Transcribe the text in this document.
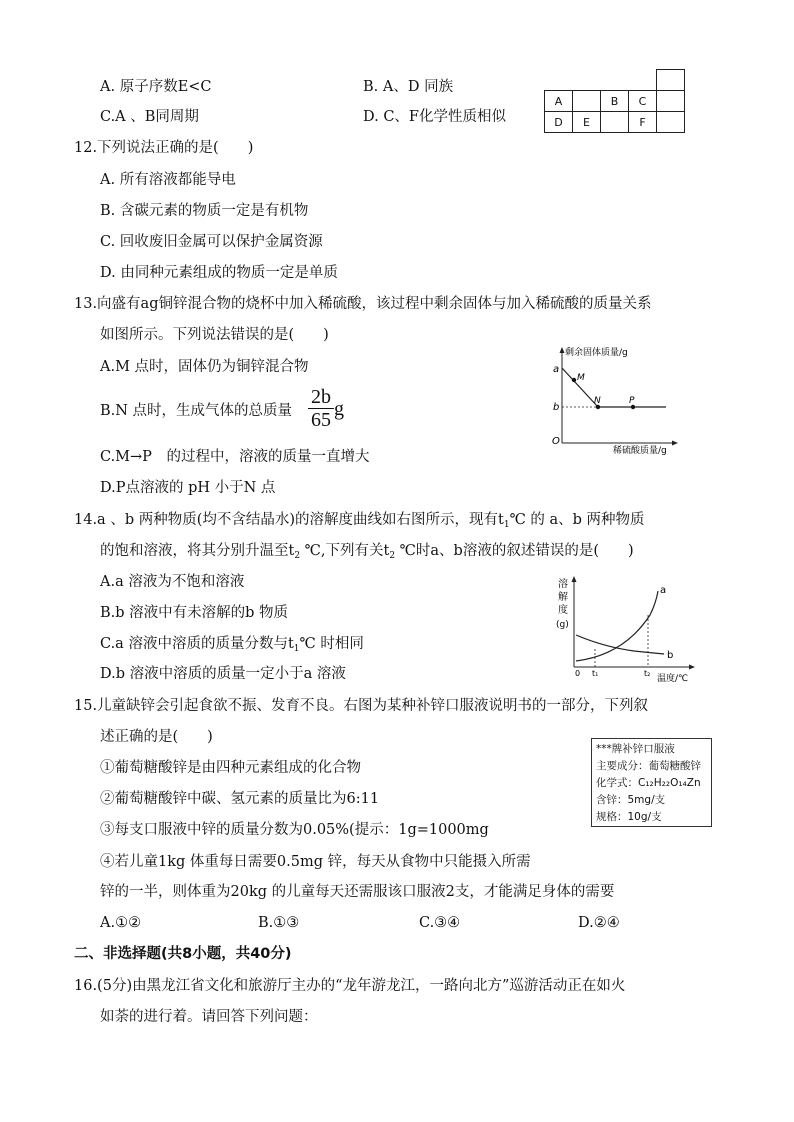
A. 原子序数E<C	B. A、D 同族
C.A 、B同周期	D. C、F化学性质相似

A		B	C	
D	E		F	
12.下列说法正确的是(　　)
A. 所有溶液都能导电
B. 含碳元素的物质一定是有机物
C. 回收废旧金属可以保护金属资源
D. 由同种元素组成的物质一定是单质
13.向盛有ag铜锌混合物的烧杯中加入稀硫酸，该过程中剩余固体与加入稀硫酸的质量关系
如图所示。下列说法错误的是(　　)
A.M 点时，固体仍为铜锌混合物
B.N 点时，生成气体的总质量
2b
65 g
C.M→P　的过程中，溶液的质量一直增大
D.P点溶液的 pH 小于N 点
剩余固体质量/g
稀硫酸质量/g
O
a
b
M
N	P
14.a 、b 两种物质(均不含结晶水)的溶解度曲线如右图所示，现有$t_1℃$ 的 a、b 两种物质
的饱和溶液，将其分别升温至$t_2$ ℃,下列有关$t_2$ ℃时a、b溶液的叙述错误的是(　　)
A.a 溶液为不饱和溶液
B.b 溶液中有未溶解的b 物质
C.a 溶液中溶质的质量分数与$t_1℃$ 时相同
D.b 溶液中溶质的质量一定小于a 溶液
溶
解
度
(g)
0 t₁	t₂
温度/℃
a
b
15.儿童缺锌会引起食欲不振、发育不良。右图为某种补锌口服液说明书的一部分，下列叙
述正确的是(　　)
①葡萄糖酸锌是由四种元素组成的化合物
②葡萄糖酸锌中碳、氢元素的质量比为6:11
③每支口服液中锌的质量分数为0.05%(提示：1g=1000mg
④若儿童1kg 体重每日需要0.5mg 锌，每天从食物中只能摄入所需
锌的一半，则体重为20kg 的儿童每天还需服该口服液2支，才能满足身体的需要
***牌补锌口服液
主要成分：葡萄糖酸锌
化学式：C₁₂H₂₂O₁₄Zn
含锌：5mg/支
规格：10g/支
A.①②	B.①③	C.③④	D.②④
二、非选择题(共8小题，共40分)
16.(5分)由黑龙江省文化和旅游厅主办的“龙年游龙江，一路向北方”巡游活动正在如火
如荼的进行着。请回答下列问题：
